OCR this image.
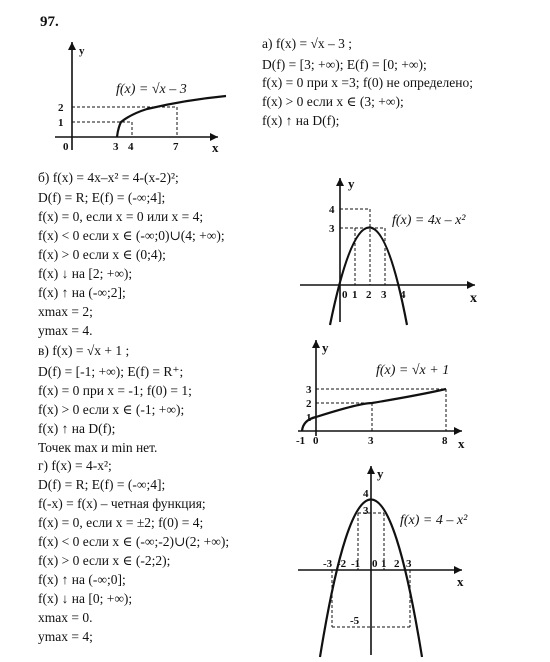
97.
а) f(x) = √x – 3 ;
D(f) = [3; +∞); E(f) = [0; +∞);
f(x) = 0 при x =3; f(0) не определено;
f(x) > 0 если x ∈ (3; +∞);
f(x) ↑ на D(f);
y
x
0	3 4	7
1
2
f(x) = √x – 3
б) f(x) = 4x–x² = 4-(x-2)²;
D(f) = R; E(f) = (-∞;4];
f(x) = 0, если x = 0 или x = 4;
f(x) < 0 если x ∈ (-∞;0)∪(4; +∞);
f(x) > 0 если x ∈ (0;4);
f(x) ↓ на [2; +∞);
f(x) ↑ на (-∞;2];
xmax = 2;
ymax = 4.
y
x
0 1 2 3 4
3
4
f(x) = 4x – x²
в) f(x) = √x + 1 ;
D(f) = [-1; +∞); E(f) = R⁺;
f(x) = 0 при x = -1; f(0) = 1;
f(x) > 0 если x ∈ (-1; +∞);
f(x) ↑ на D(f);
Точек max и min нет.
y
x
-1 0	3	8
1
2
3
f(x) = √x + 1
г) f(x) = 4-x²;
D(f) = R; E(f) = (-∞;4];
f(-x) = f(x) – четная функция;
f(x) = 0, если x = ±2; f(0) = 4;
f(x) < 0 если x ∈ (-∞;-2)∪(2; +∞);
f(x) > 0 если x ∈ (-2;2);
f(x) ↑ на (-∞;0];
f(x) ↓ на [0; +∞);
xmax = 0.
ymax = 4;
y
x
-3 -2 -1 0 1 2 3
3
4
-5
f(x) = 4 – x²
